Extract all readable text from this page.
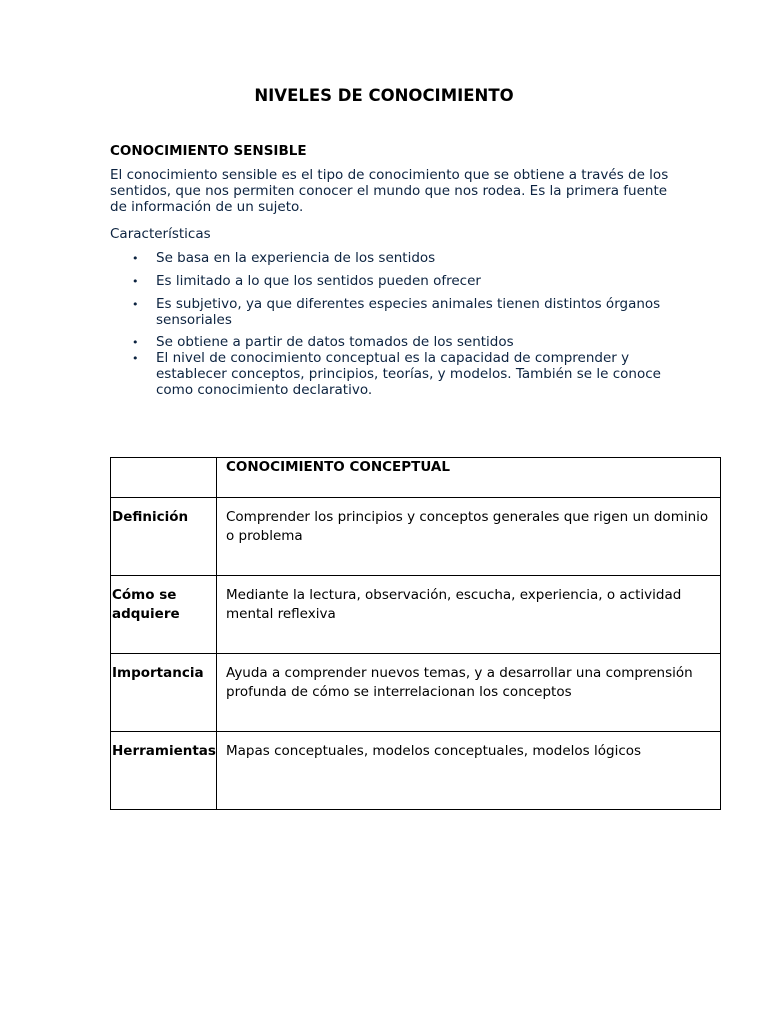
NIVELES DE CONOCIMIENTO
CONOCIMIENTO SENSIBLE

El conocimiento sensible es el tipo de conocimiento que se obtiene a través de los sentidos, que nos permiten conocer el mundo que nos rodea. Es la primera fuente de información de un sujeto.

Características

• Se basa en la experiencia de los sentidos
• Es limitado a lo que los sentidos pueden ofrecer
• Es subjetivo, ya que diferentes especies animales tienen distintos órganos sensoriales
• Se obtiene a partir de datos tomados de los sentidos
• El nivel de conocimiento conceptual es la capacidad de comprender y establecer conceptos, principios, teorías, y modelos. También se le conoce como conocimiento declarativo.
	CONOCIMIENTO CONCEPTUAL
Definición	Comprender los principios y conceptos generales que rigen un dominio o problema
Cómo se adquiere	Mediante la lectura, observación, escucha, experiencia, o actividad mental reflexiva
Importancia	Ayuda a comprender nuevos temas, y a desarrollar una comprensión profunda de cómo se interrelacionan los conceptos
Herramientas	Mapas conceptuales, modelos conceptuales, modelos lógicos
